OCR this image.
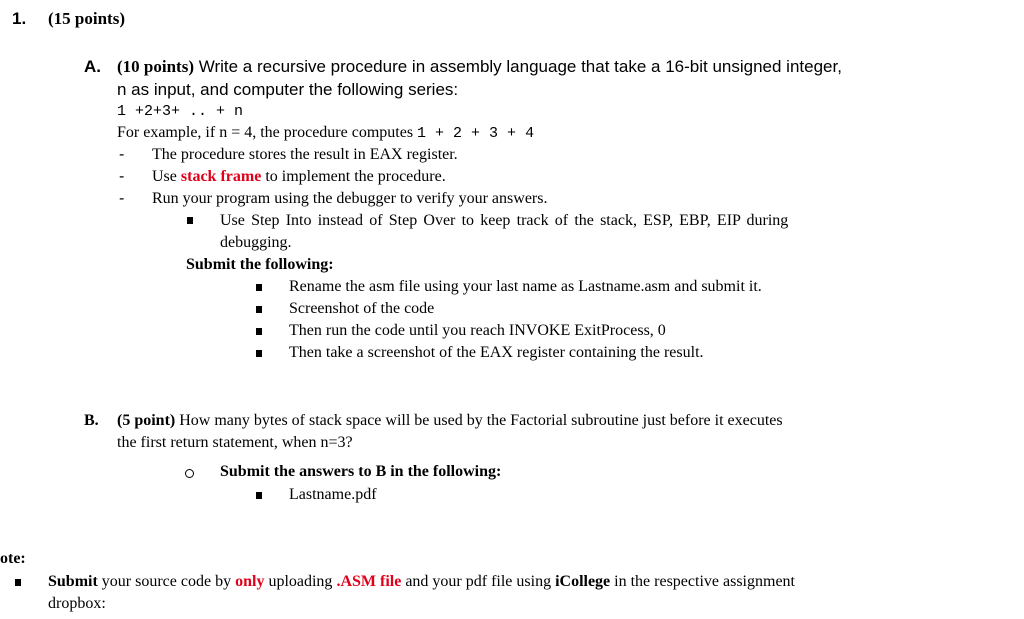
1. (15 points)
A. (10 points) Write a recursive procedure in assembly language that take a 16-bit unsigned integer,
n as input, and computer the following series:
1 +2+3+ .. + n
For example, if n = 4, the procedure computes 1 + 2 + 3 + 4
- The procedure stores the result in EAX register.
- Use stack frame to implement the procedure.
- Run your program using the debugger to verify your answers.
Use Step Into instead of Step Over to keep track of the stack, ESP, EBP, EIP during
debugging.
Submit the following:
Rename the asm file using your last name as Lastname.asm and submit it.
Screenshot of the code
Then run the code until you reach INVOKE ExitProcess, 0
Then take a screenshot of the EAX register containing the result.
B. (5 point) How many bytes of stack space will be used by the Factorial subroutine just before it executes
the first return statement, when n=3?
Submit the answers to B in the following:
Lastname.pdf
ote:
Submit your source code by only uploading .ASM file and your pdf file using iCollege in the respective assignment
dropbox:
